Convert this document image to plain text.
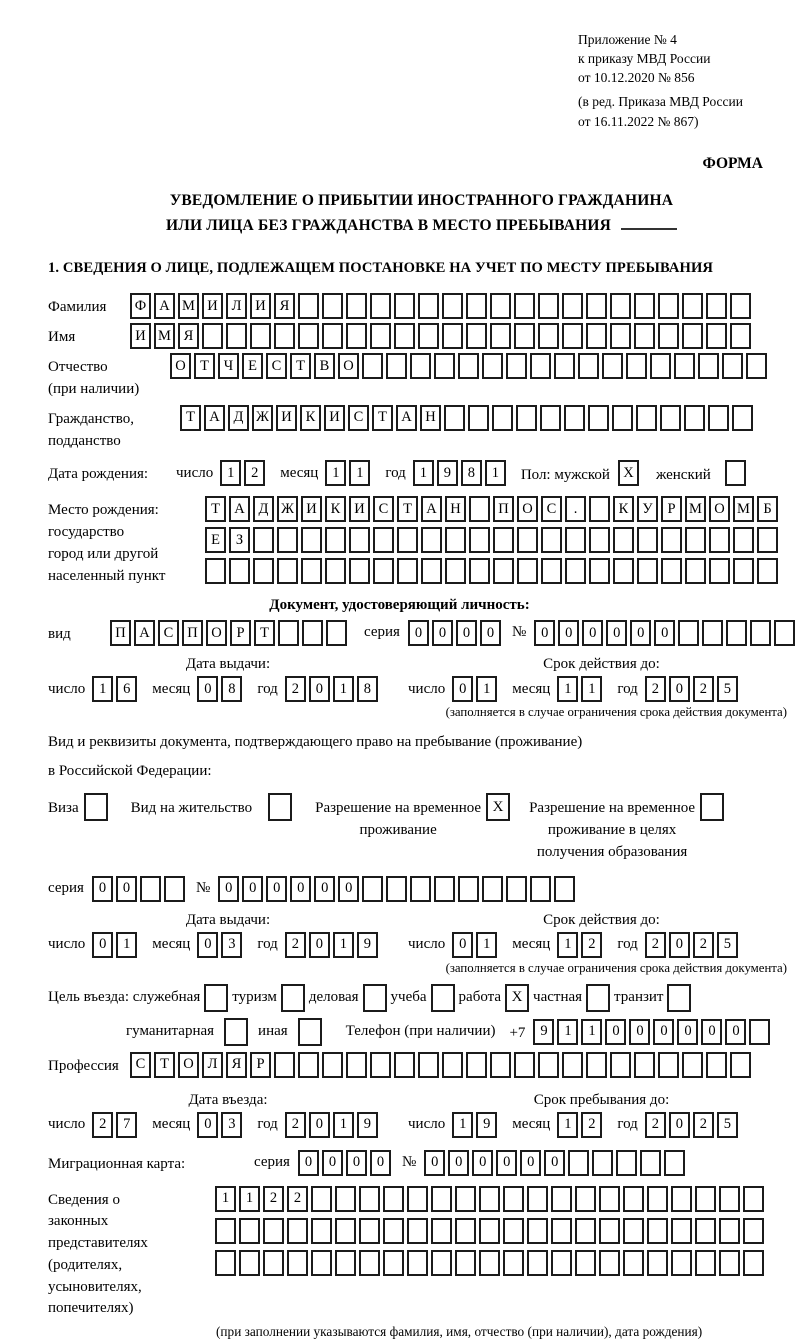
Приложение № 4
к приказу МВД России
от 10.12.2020 № 856
(в ред. Приказа МВД России
от 16.11.2022 № 867)
ФОРМА
УВЕДОМЛЕНИЕ О ПРИБЫТИИ ИНОСТРАННОГО ГРАЖДАНИНА
ИЛИ ЛИЦА БЕЗ ГРАЖДАНСТВА В МЕСТО ПРЕБЫВАНИЯ
1. СВЕДЕНИЯ О ЛИЦЕ, ПОДЛЕЖАЩЕМ ПОСТАНОВКЕ НА УЧЕТ ПО МЕСТУ ПРЕБЫВАНИЯ
Фамилия	Ф А М И Л И Я
Имя	И М Я
Отчество
(при наличии)
О Т	Ч	Е	С	Т	В О
Гражданство,
подданство
Т А Д Ж И К И С	Т А Н
Дата рождения:	число 1	2	месяц 1	1	год 1	9	8	1	Пол: мужской X	женский
Место рождения:
государство
город или другой
населенный пункт
Т А Д Ж И К И С	Т А Н	П О С	.	К У	Р М О М Б
Е	З
Документ, удостоверяющий личность:
вид	П А С П О	Р	Т	серия	0	0	0	0	№	0	0	0	0	0	0
Дата выдачи:
число 1	6	месяц 0	8	год 2	0	1	8
Срок действия до:
число 0	1	месяц 1	1	год 2	0	2	5
(заполняется в случае ограничения срока действия документа)
Вид и реквизиты документа, подтверждающего право на пребывание (проживание)
в Российской Федерации:
Виза	Вид на жительство	Разрешение на временное
проживание
X	Разрешение на временное
проживание в целях
получения образования
серия	0	0	№	0	0	0	0	0	0
Дата выдачи:
число 0	1	месяц 0	3	год 2	0	1	9
Срок действия до:
число 0	1	месяц 1	2	год 2	0	2	5
(заполняется в случае ограничения срока действия документа)
Цель въезда: служебная туризм деловая учеба работа X частная транзит
гуманитарная	иная	Телефон (при наличии) +7	9	1	1	0	0	0	0	0	0
Профессия	С	Т О Л Я	Р
Дата въезда:
число 2	7	месяц 0	3	год 2	0	1	9
Срок пребывания до:
число 1	9	месяц 1	2	год 2	0	2	5
Миграционная карта:	серия	0	0	0	0	№	0	0	0	0	0	0
Сведения о
законных
представителях
(родителях,
усыновителях,
попечителях)
1	1	2	2
(при заполнении указываются фамилия, имя, отчество (при наличии), дата рождения)
